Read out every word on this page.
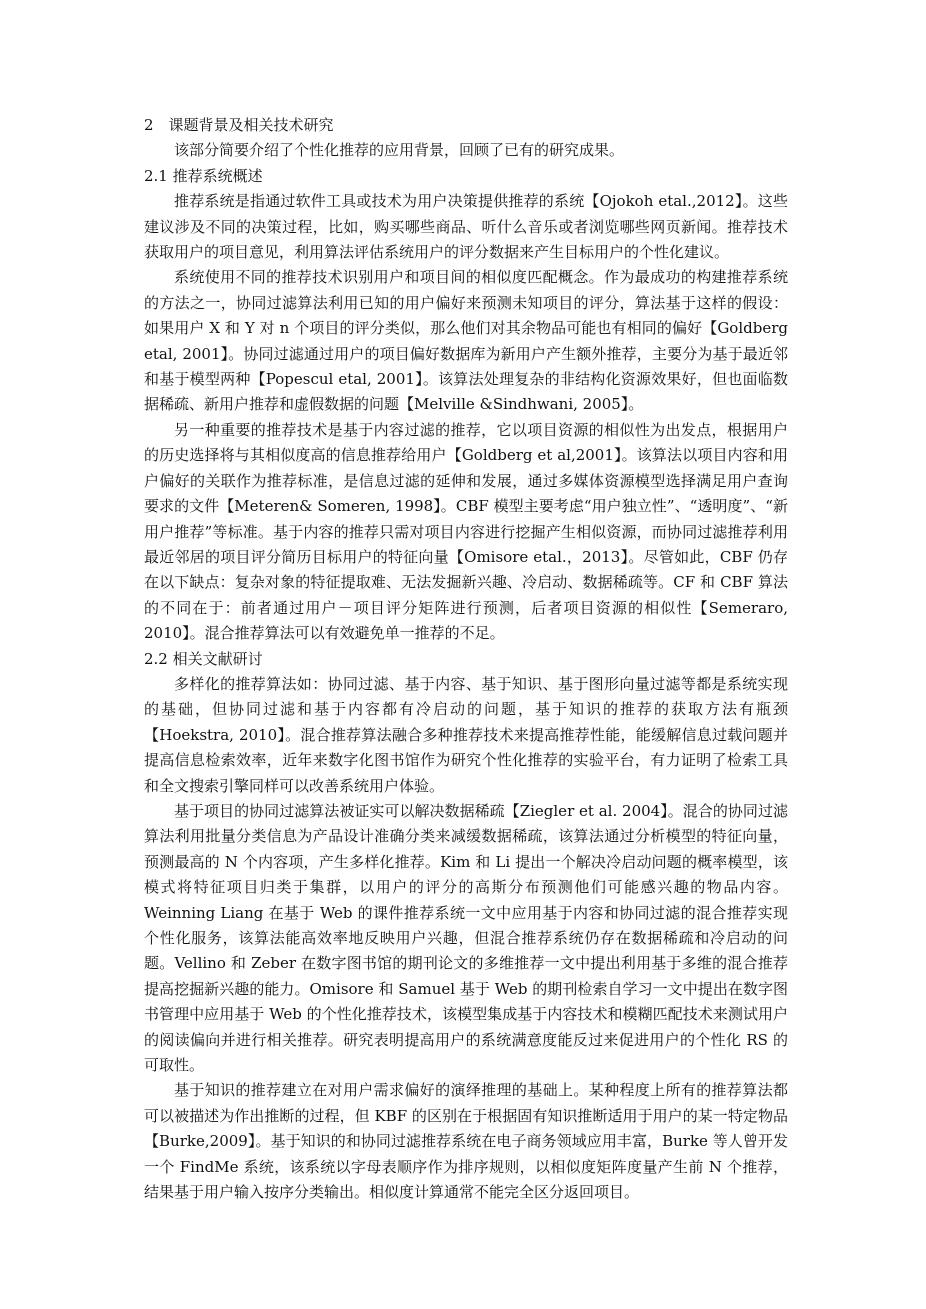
2　课题背景及相关技术研究

该部分简要介绍了个性化推荐的应用背景，回顾了已有的研究成果。

2.1 推荐系统概述

推荐系统是指通过软件工具或技术为用户决策提供推荐的系统【Ojokoh etal.,2012】。这些建议涉及不同的决策过程，比如，购买哪些商品、听什么音乐或者浏览哪些网页新闻。推荐技术获取用户的项目意见，利用算法评估系统用户的评分数据来产生目标用户的个性化建议。

系统使用不同的推荐技术识别用户和项目间的相似度匹配概念。作为最成功的构建推荐系统的方法之一，协同过滤算法利用已知的用户偏好来预测未知项目的评分，算法基于这样的假设：如果用户 X 和 Y 对 n 个项目的评分类似，那么他们对其余物品可能也有相同的偏好【Goldberg etal, 2001】。协同过滤通过用户的项目偏好数据库为新用户产生额外推荐，主要分为基于最近邻和基于模型两种【Popescul etal, 2001】。该算法处理复杂的非结构化资源效果好，但也面临数据稀疏、新用户推荐和虚假数据的问题【Melville &Sindhwani, 2005】。

另一种重要的推荐技术是基于内容过滤的推荐，它以项目资源的相似性为出发点，根据用户的历史选择将与其相似度高的信息推荐给用户【Goldberg et al,2001】。该算法以项目内容和用户偏好的关联作为推荐标准，是信息过滤的延伸和发展，通过多媒体资源模型选择满足用户查询要求的文件【Meteren& Someren, 1998】。CBF 模型主要考虑“用户独立性”、“透明度”、“新用户推荐”等标准。基于内容的推荐只需对项目内容进行挖掘产生相似资源，而协同过滤推荐利用最近邻居的项目评分简历目标用户的特征向量【Omisore etal.，2013】。尽管如此，CBF 仍存在以下缺点：复杂对象的特征提取难、无法发掘新兴趣、冷启动、数据稀疏等。CF 和 CBF 算法的不同在于：前者通过用户－项目评分矩阵进行预测，后者项目资源的相似性【Semeraro, 2010】。混合推荐算法可以有效避免单一推荐的不足。

2.2 相关文献研讨

多样化的推荐算法如：协同过滤、基于内容、基于知识、基于图形向量过滤等都是系统实现的基础，但协同过滤和基于内容都有冷启动的问题，基于知识的推荐的获取方法有瓶颈【Hoekstra, 2010】。混合推荐算法融合多种推荐技术来提高推荐性能，能缓解信息过载问题并提高信息检索效率，近年来数字化图书馆作为研究个性化推荐的实验平台，有力证明了检索工具和全文搜索引擎同样可以改善系统用户体验。

基于项目的协同过滤算法被证实可以解决数据稀疏【Ziegler et al. 2004】。混合的协同过滤算法利用批量分类信息为产品设计准确分类来减缓数据稀疏，该算法通过分析模型的特征向量，预测最高的 N 个内容项，产生多样化推荐。Kim 和 Li 提出一个解决冷启动问题的概率模型，该模式将特征项目归类于集群，以用户的评分的高斯分布预测他们可能感兴趣的物品内容。Weinning Liang 在基于 Web 的课件推荐系统一文中应用基于内容和协同过滤的混合推荐实现个性化服务，该算法能高效率地反映用户兴趣，但混合推荐系统仍存在数据稀疏和冷启动的问题。Vellino 和 Zeber 在数字图书馆的期刊论文的多维推荐一文中提出利用基于多维的混合推荐提高挖掘新兴趣的能力。Omisore 和 Samuel 基于 Web 的期刊检索自学习一文中提出在数字图书管理中应用基于 Web 的个性化推荐技术，该模型集成基于内容技术和模糊匹配技术来测试用户的阅读偏向并进行相关推荐。研究表明提高用户的系统满意度能反过来促进用户的个性化 RS 的可取性。

基于知识的推荐建立在对用户需求偏好的演绎推理的基础上。某种程度上所有的推荐算法都可以被描述为作出推断的过程，但 KBF 的区别在于根据固有知识推断适用于用户的某一特定物品【Burke,2009】。基于知识的和协同过滤推荐系统在电子商务领域应用丰富，Burke 等人曾开发一个 FindMe 系统，该系统以字母表顺序作为排序规则，以相似度矩阵度量产生前 N 个推荐，结果基于用户输入按序分类输出。相似度计算通常不能完全区分返回项目。
